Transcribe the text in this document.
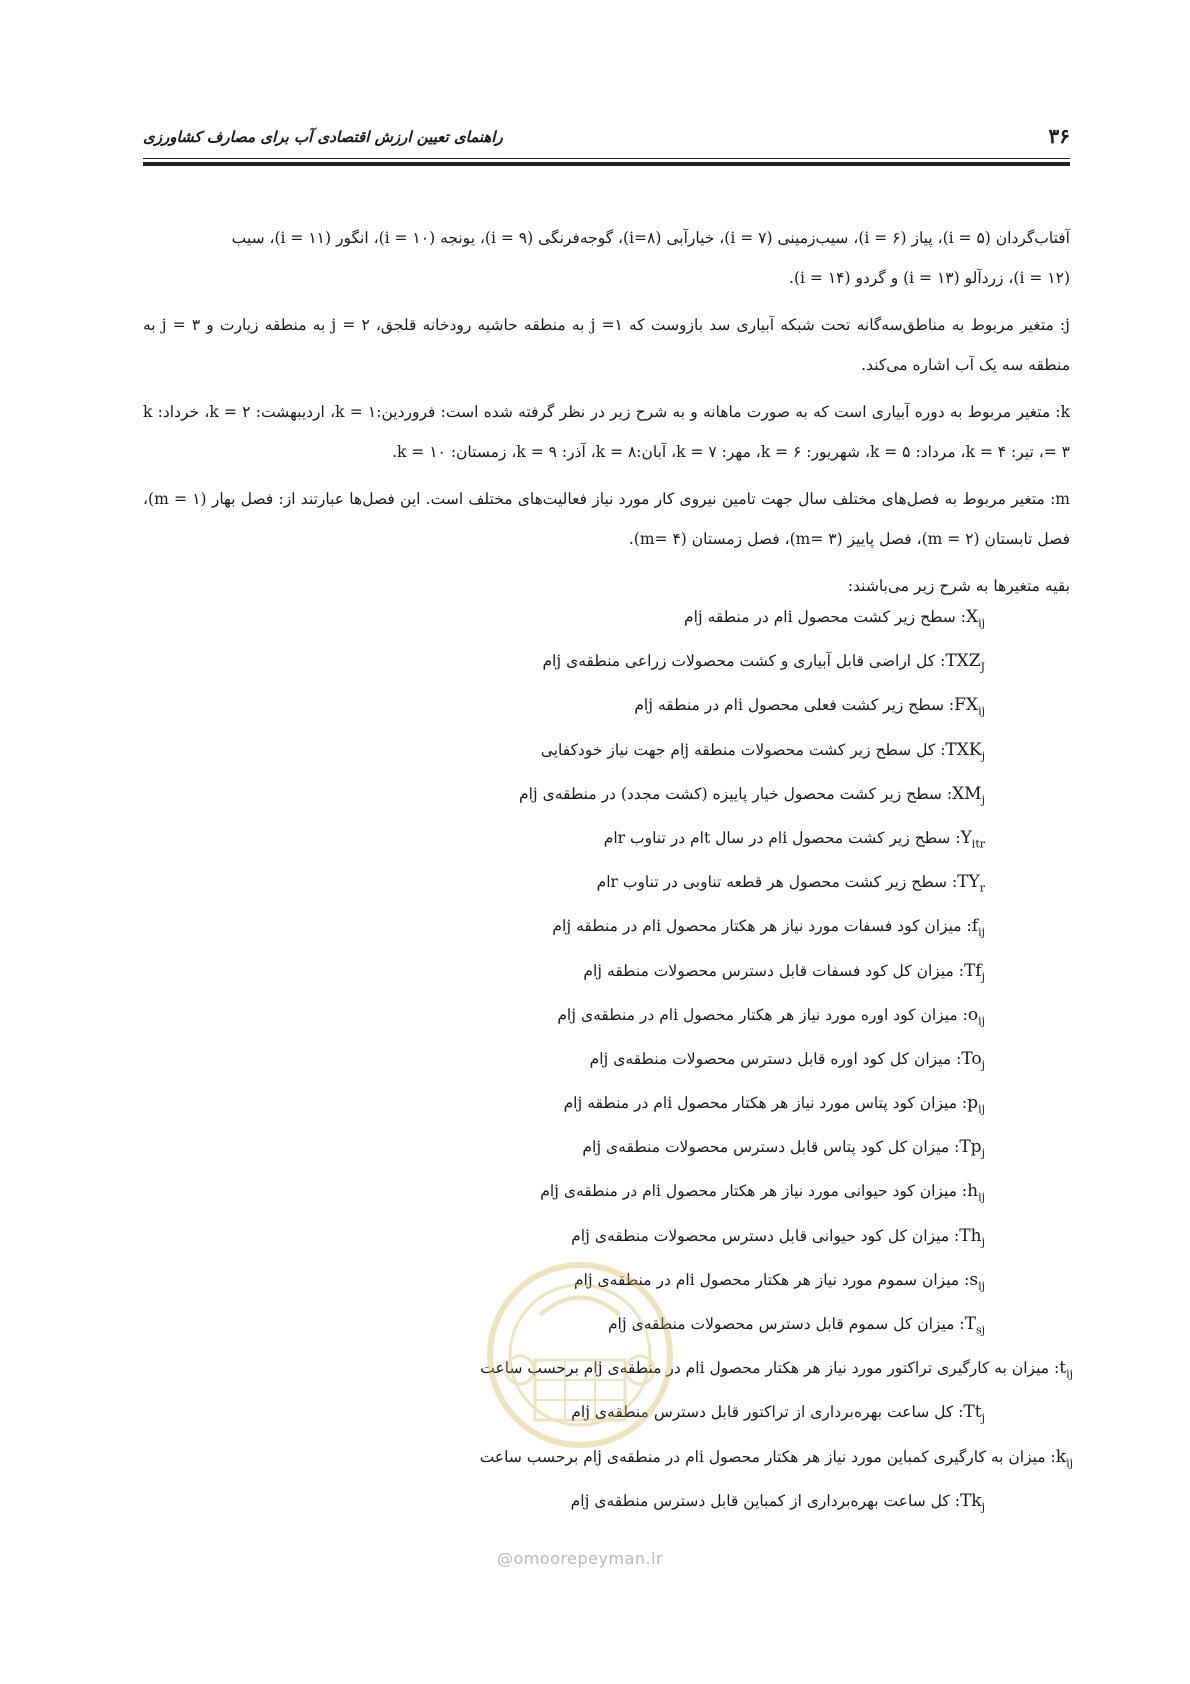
راهنمای تعیین ارزش اقتصادی آب برای مصارف کشاورزی	۳۶

آفتاب‌گردان (i = ۵)، پیاز (i = ۶)، سیب‌زمینی (i = ۷)، خیارآبی (i=۸)، گوجه‌فرنگی (i = ۹)، یونجه (i = ۱۰)، انگور (i = ۱۱)، سیب
(i = ۱۲)، زردآلو (i = ۱۳) و گردو (i = ۱۴).

j: متغیر مربوط به مناطق‌سه‌گانه تحت شبکه آبیاری سد بازوست که j =۱ به منطقه حاشیه رودخانه قلجق، j = ۲ به منطقه زیارت و j = ۳ به منطقه سه یک آب اشاره می‌کند.

k: متغیر مربوط به دوره آبیاری است که به صورت ماهانه و به شرح زیر در نظر گرفته شده است: فروردین:k = ۱، اردیبهشت: k = ۲، خرداد: k = ۳، تیر: k = ۴، مرداد: k = ۵، شهریور: k = ۶، مهر: k = ۷، آبان:k = ۸، آذر: k = ۹، زمستان: k = ۱۰.

m: متغیر مربوط به فصل‌های مختلف سال جهت تامین نیروی کار مورد نیاز فعالیت‌های مختلف است. این فصل‌ها عبارتند از: فصل بهار (m = ۱)، فصل تابستان (m = ۲)، فصل پاییز (m= ۳)، فصل زمستان (m= ۴).

بقیه متغیرها به شرح زیر می‌باشند:

$X_{ij}$: سطح زیر کشت محصول iام در منطقه jام
$TXZ_J$: کل اراضی قابل آبیاری و کشت محصولات زراعی منطقه‌ی jام
$FX_{ij}$: سطح زیر کشت فعلی محصول iام در منطقه jام
$TXK_j$: کل سطح زیر کشت محصولات منطقه jام جهت نیاز خودکفایی
$XM_j$: سطح زیر کشت محصول خیار پاییزه (کشت مجدد) در منطقه‌ی jام
$Y_{itr}$: سطح زیر کشت محصول iام در سال tام در تناوب rام
$TY_r$: سطح زیر کشت محصول هر قطعه تناوبی در تناوب rام
$f_{ij}$: میزان کود فسفات مورد نیاز هر هکتار محصول iام در منطقه jام
$Tf_j$: میزان کل کود فسفات قابل دسترس محصولات منطقه jام
$o_{ij}$: میزان کود اوره مورد نیاز هر هکتار محصول iام در منطقه‌ی jام
$To_j$: میزان کل کود اوره قابل دسترس محصولات منطقه‌ی jام
$p_{ij}$: میزان کود پتاس مورد نیاز هر هکتار محصول iام در منطقه jام
$Tp_j$: میزان کل کود پتاس قابل دسترس محصولات منطقه‌ی jام
$h_{ij}$: میزان کود حیوانی مورد نیاز هر هکتار محصول iام در منطقه‌ی jام
$Th_j$: میزان کل کود حیوانی قابل دسترس محصولات منطقه‌ی jام
$s_{ij}$: میزان سموم مورد نیاز هر هکتار محصول iام در منطقه‌ی jام
$T_{sj}$: میزان کل سموم قابل دسترس محصولات منطقه‌ی jام
$t_{ij}$: میزان به کارگیری تراکتور مورد نیاز هر هکتار محصول iام در منطقه‌ی jام برحسب ساعت
$Tt_j$: کل ساعت بهره‌برداری از تراکتور قابل دسترس منطقه‌ی jام
$k_{ij}$: میزان به کارگیری کمباین مورد نیاز هر هکتار محصول iام در منطقه‌ی jام برحسب ساعت
$Tk_j$: کل ساعت بهره‌برداری از کمباین قابل دسترس منطقه‌ی jام
@omoorepeyman.ir
